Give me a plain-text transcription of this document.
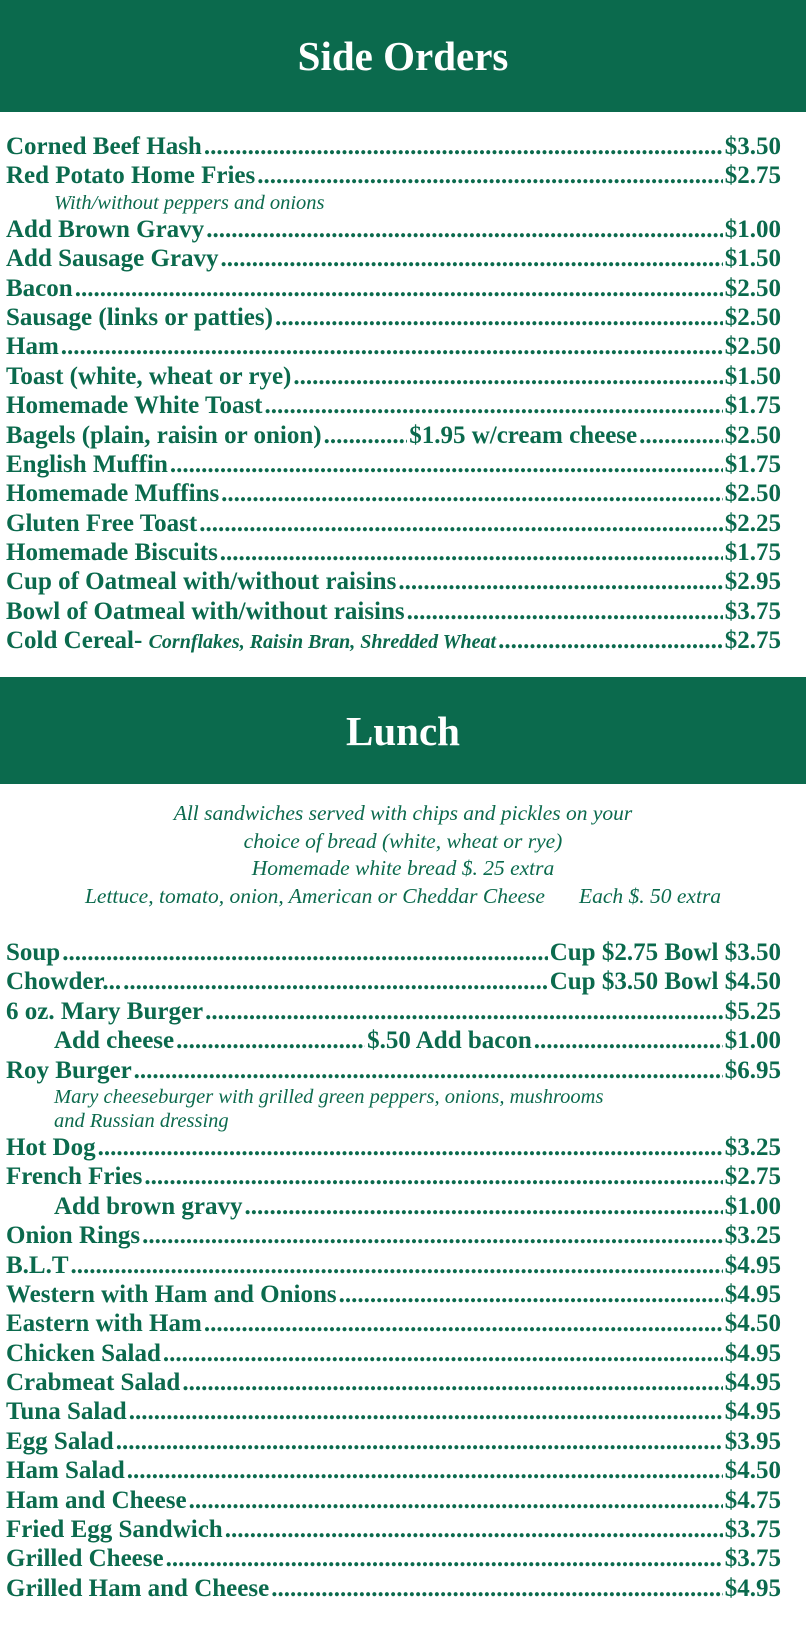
Side Orders
Corned Beef Hash .....	$3.50
Red Potato Home Fries .....	$2.75
With/without peppers and onions
Add Brown Gravy .....	$1.00
Add Sausage Gravy .....	$1.50
Bacon .....	$2.50
Sausage (links or patties) .....	$2.50
Ham .....	$2.50
Toast (white, wheat or rye) .....	$1.50
Homemade White Toast .....	$1.75
Bagels (plain, raisin or onion) .....	$1.95 w/cream cheese .....	$2.50
English Muffin .....	$1.75
Homemade Muffins .....	$2.50
Gluten Free Toast .....	$2.25
Homemade Biscuits .....	$1.75
Cup of Oatmeal with/without raisins .....	$2.95
Bowl of Oatmeal with/without raisins .....	$3.75
Cold Cereal- Cornflakes, Raisin Bran, Shredded Wheat .....	$2.75
Lunch
All sandwiches served with chips and pickles on your
choice of bread (white, wheat or rye)
Homemade white bread $. 25 extra
Lettuce, tomato, onion, American or Cheddar Cheese Each $. 50 extra
Soup .....	Cup $2.75 Bowl $3.50
Chowder... .....	Cup $3.50 Bowl $4.50
6 oz. Mary Burger .....	$5.25
Add cheese .....	$.50 Add bacon .....	$1.00
Roy Burger .....	$6.95
Mary cheeseburger with grilled green peppers, onions, mushrooms
and Russian dressing
Hot Dog .....	$3.25
French Fries .....	$2.75
Add brown gravy .....	$1.00
Onion Rings .....	$3.25
B.L.T .....	$4.95
Western with Ham and Onions .....	$4.95
Eastern with Ham .....	$4.50
Chicken Salad .....	$4.95
Crabmeat Salad .....	$4.95
Tuna Salad .....	$4.95
Egg Salad .....	$3.95
Ham Salad .....	$4.50
Ham and Cheese .....	$4.75
Fried Egg Sandwich .....	$3.75
Grilled Cheese .....	$3.75
Grilled Ham and Cheese .....	$4.95
